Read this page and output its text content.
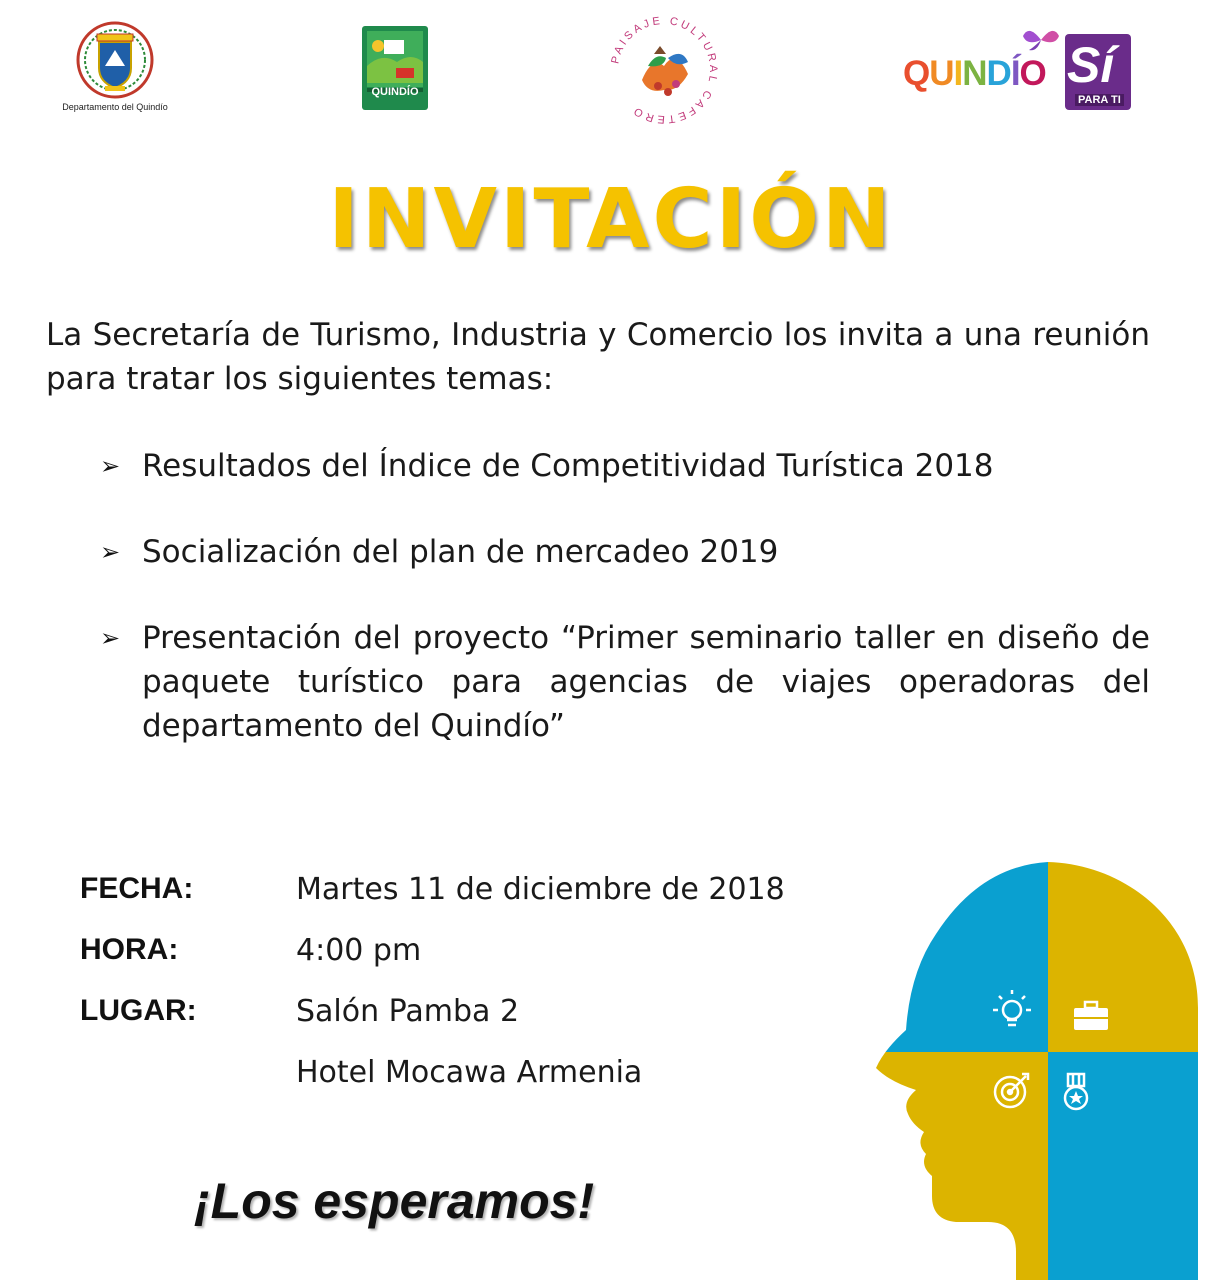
Departamento del Quindío
QUINDÍO
PAISAJE CULTURAL CAFETERO
QUINDÍO Sí
PARA TI
INVITACIÓN
La Secretaría de Turismo, Industria y Comercio los invita a una reunión para tratar los siguientes temas:
➢ Resultados del Índice de Competitividad Turística 2018
➢ Socialización del plan de mercadeo 2019
➢ Presentación del proyecto “Primer seminario taller en diseño de paquete turístico para agencias de viajes operadoras del departamento del Quindío”
FECHA:	Martes 11 de diciembre de 2018
HORA:	4:00 pm
LUGAR:	Salón Pamba 2
Hotel Mocawa Armenia
¡Los esperamos!
